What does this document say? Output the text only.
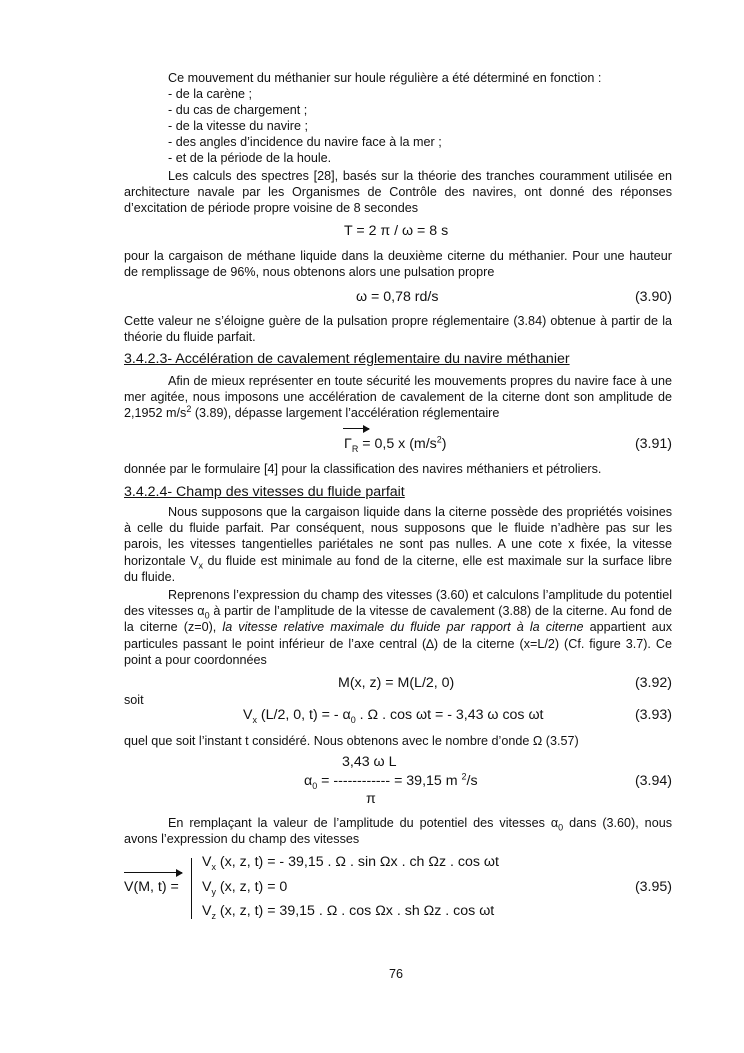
Ce mouvement du méthanier sur houle régulière a été déterminé en fonction :
- de la carène ;
- du cas de chargement ;
- de la vitesse du navire ;
- des angles d’incidence du navire face à la mer ;
- et de la période de la houle.
Les calculs des spectres [28], basés sur la théorie des tranches couramment utilisée en architecture navale par les Organismes de Contrôle des navires, ont donné des réponses d’excitation de période propre voisine de 8 secondes
T = 2 π / ω = 8 s
pour la cargaison de méthane liquide dans la deuxième citerne du méthanier. Pour une hauteur de remplissage de 96%, nous obtenons alors une pulsation propre
ω = 0,78 rd/s	(3.90)
Cette valeur ne s’éloigne guère de la pulsation propre réglementaire (3.84) obtenue à partir de la théorie du fluide parfait.
3.4.2.3- Accélération de cavalement réglementaire du navire méthanier
Afin de mieux représenter en toute sécurité les mouvements propres du navire face à une mer agitée, nous imposons une accélération de cavalement de la citerne dont son amplitude de 2,1952 $m/s^2$ (3.89), dépasse largement l’accélération réglementaire
$\Gamma_R = 0,5$ x $(m/s^2)$	(3.91)
donnée par le formulaire [4] pour la classification des navires méthaniers et pétroliers.
3.4.2.4- Champ des vitesses du fluide parfait
Nous supposons que la cargaison liquide dans la citerne possède des propriétés voisines à celle du fluide parfait. Par conséquent, nous supposons que le fluide n’adhère pas sur les parois, les vitesses tangentielles pariétales ne sont pas nulles. A une cote x fixée, la vitesse horizontale $V_x$ du fluide est minimale au fond de la citerne, elle est maximale sur la surface libre du fluide.
Reprenons l’expression du champ des vitesses (3.60) et calculons l’amplitude du potentiel des vitesses $\alpha_0$ à partir de l’amplitude de la vitesse de cavalement (3.88) de la citerne. Au fond de la citerne (z=0), la vitesse relative maximale du fluide par rapport à la citerne appartient aux particules passant le point inférieur de l’axe central (∆) de la citerne (x=L/2) (Cf. figure 3.7). Ce point a pour coordonnées
M(x, z) = M(L/2, 0)	(3.92)
soit
$V_x$ (L/2, 0, t) = - $\alpha_0$ . Ω . cos ωt = - 3,43 ω cos ωt	(3.93)
quel que soit l’instant t considéré. Nous obtenons avec le nombre d’onde Ω (3.57)
3,43 ω L
$\alpha_0$ = ------------ = 39,15 m $^2$/s
π
(3.94)
En remplaçant la valeur de l’amplitude du potentiel des vitesses $\alpha_0$ dans (3.60), nous avons l’expression du champ des vitesses
V(M, t) =
$V_x$ (x, z, t) = - 39,15 . Ω . sin Ωx . ch Ωz . cos ωt
$V_y$ (x, z, t) = 0
$V_z$ (x, z, t) = 39,15 . Ω . cos Ωx . sh Ωz . cos ωt
(3.95)
76
